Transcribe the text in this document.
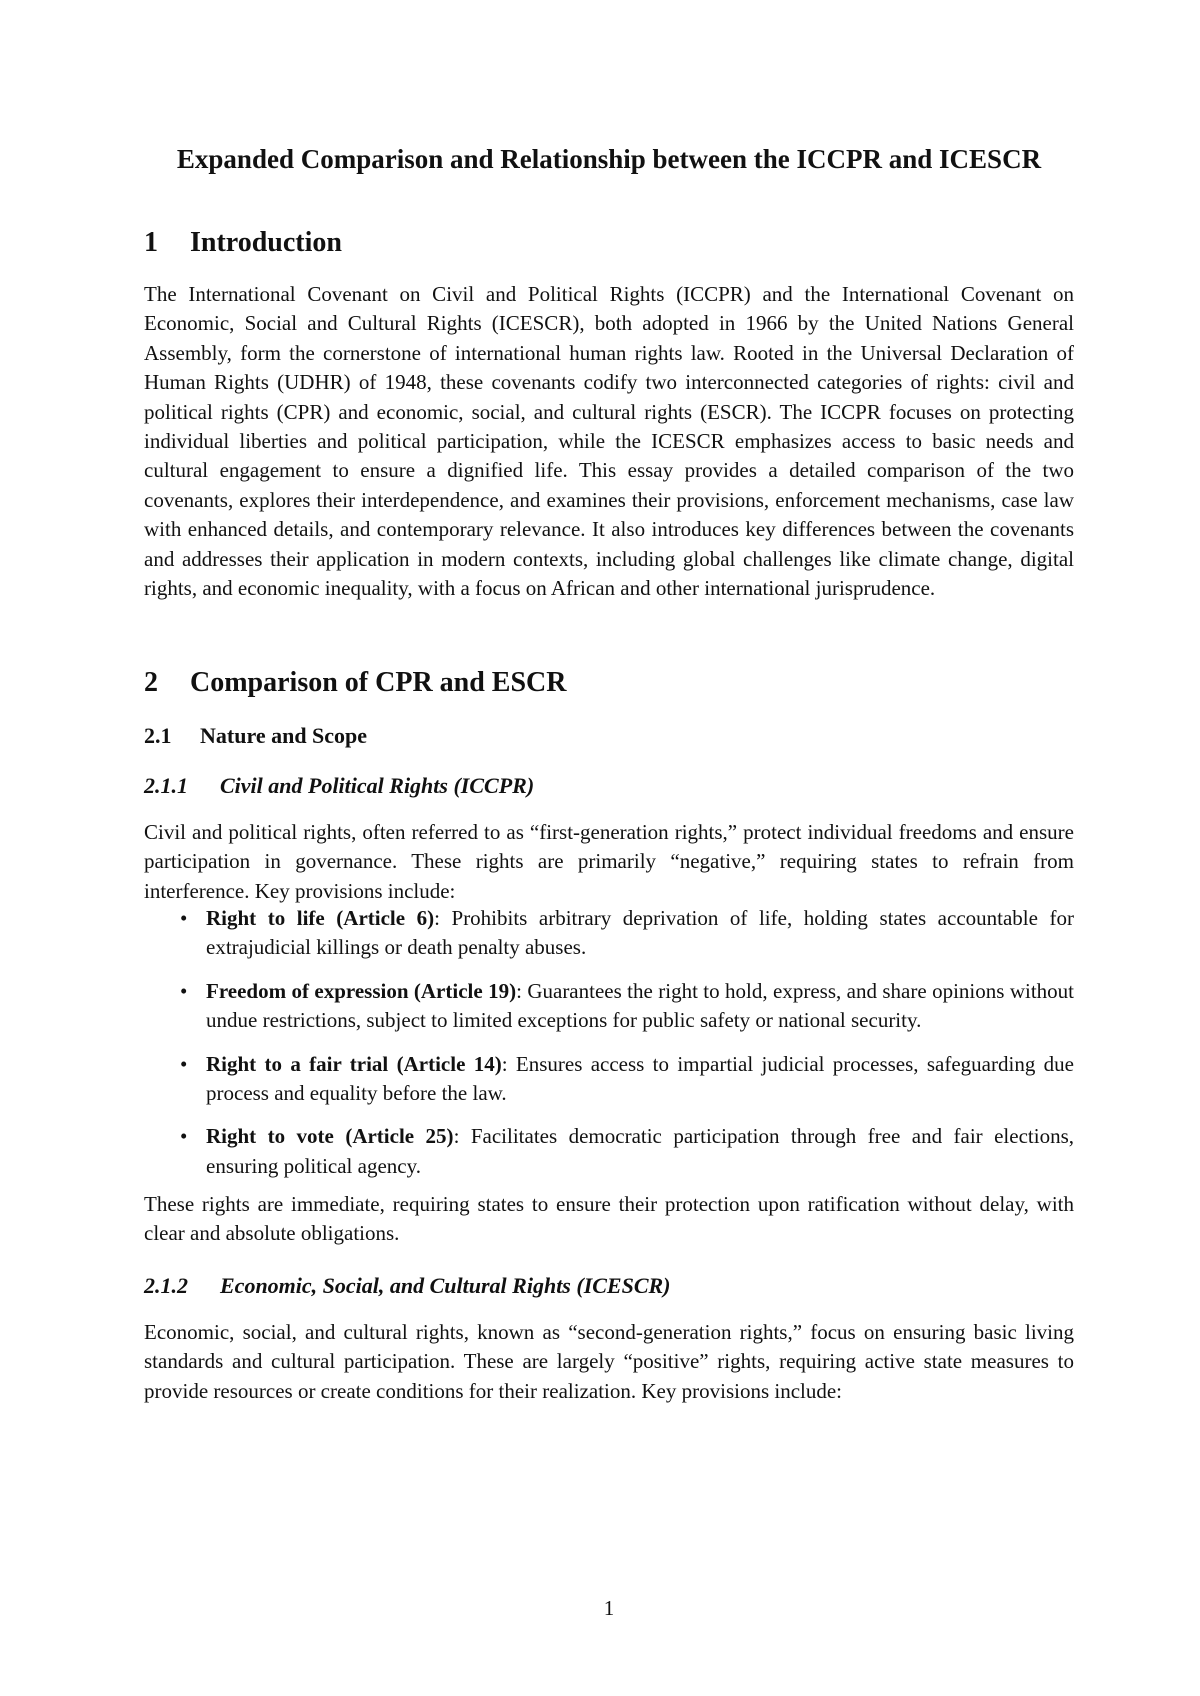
Expanded Comparison and Relationship between the ICCPR and ICESCR
1 Introduction

The International Covenant on Civil and Political Rights (ICCPR) and the International Covenant on Economic, Social and Cultural Rights (ICESCR), both adopted in 1966 by the United Nations General Assembly, form the cornerstone of international human rights law. Rooted in the Universal Declaration of Human Rights (UDHR) of 1948, these covenants codify two interconnected categories of rights: civil and political rights (CPR) and economic, social, and cultural rights (ESCR). The ICCPR focuses on protecting individual liberties and political participation, while the ICESCR emphasizes access to basic needs and cultural engagement to ensure a dignified life. This essay provides a detailed comparison of the two covenants, explores their interdependence, and examines their provisions, enforcement mechanisms, case law with enhanced details, and contemporary relevance. It also introduces key differences between the covenants and addresses their application in modern contexts, including global challenges like climate change, digital rights, and economic inequality, with a focus on African and other international jurisprudence.

2 Comparison of CPR and ESCR
2.1 Nature and Scope
2.1.1 Civil and Political Rights (ICCPR)

Civil and political rights, often referred to as “first-generation rights,” protect individual freedoms and ensure participation in governance. These rights are primarily “negative,” requiring states to refrain from interference. Key provisions include:

• Right to life (Article 6): Prohibits arbitrary deprivation of life, holding states accountable for extrajudicial killings or death penalty abuses.
• Freedom of expression (Article 19): Guarantees the right to hold, express, and share opinions without undue restrictions, subject to limited exceptions for public safety or national security.
• Right to a fair trial (Article 14): Ensures access to impartial judicial processes, safeguarding due process and equality before the law.
• Right to vote (Article 25): Facilitates democratic participation through free and fair elections, ensuring political agency.

These rights are immediate, requiring states to ensure their protection upon ratification without delay, with clear and absolute obligations.

2.1.2 Economic, Social, and Cultural Rights (ICESCR)

Economic, social, and cultural rights, known as “second-generation rights,” focus on ensuring basic living standards and cultural participation. These are largely “positive” rights, requiring active state measures to provide resources or create conditions for their realization. Key provisions include:

1
